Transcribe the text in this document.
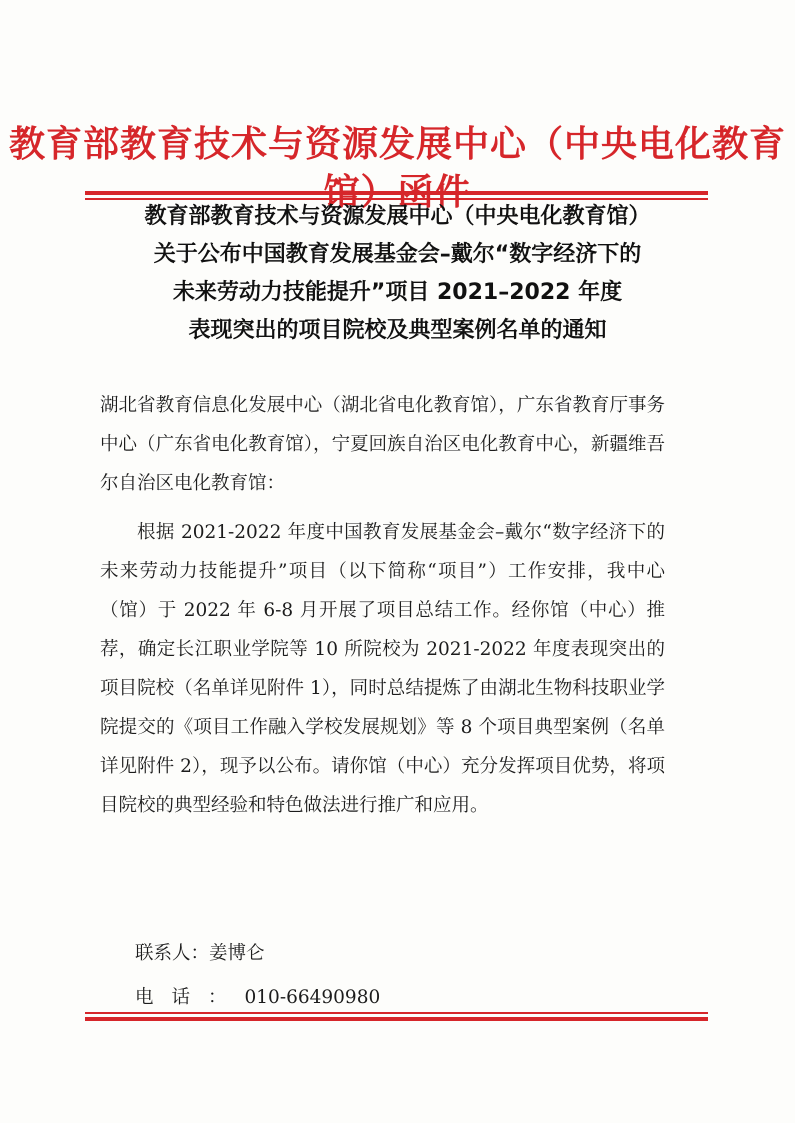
教育部教育技术与资源发展中心（中央电化教育
教育部教育技术与资源发展中心（中央电化教育馆）
关于公布中国教育发展基金会–戴尔“数字经济下的
未来劳动力技能提升”项目 2021–2022 年度
表现突出的项目院校及典型案例名单的通知
湖北省教育信息化发展中心（湖北省电化教育馆），广东省教育厅事务中心（广东省电化教育馆），宁夏回族自治区电化教育中心，新疆维吾尔自治区电化教育馆：
根据 2021-2022 年度中国教育发展基金会–戴尔“数字经济下的未来劳动力技能提升”项目（以下简称“项目”）工作安排，我中心（馆）于 2022 年 6-8 月开展了项目总结工作。经你馆（中心）推荐，确定长江职业学院等 10 所院校为 2021-2022 年度表现突出的项目院校（名单详见附件 1），同时总结提炼了由湖北生物科技职业学院提交的《项目工作融入学校发展规划》等 8 个项目典型案例（名单详见附件 2），现予以公布。请你馆（中心）充分发挥项目优势，将项目院校的典型经验和特色做法进行推广和应用。
联系人：姜博仑
电话：010-66490980
